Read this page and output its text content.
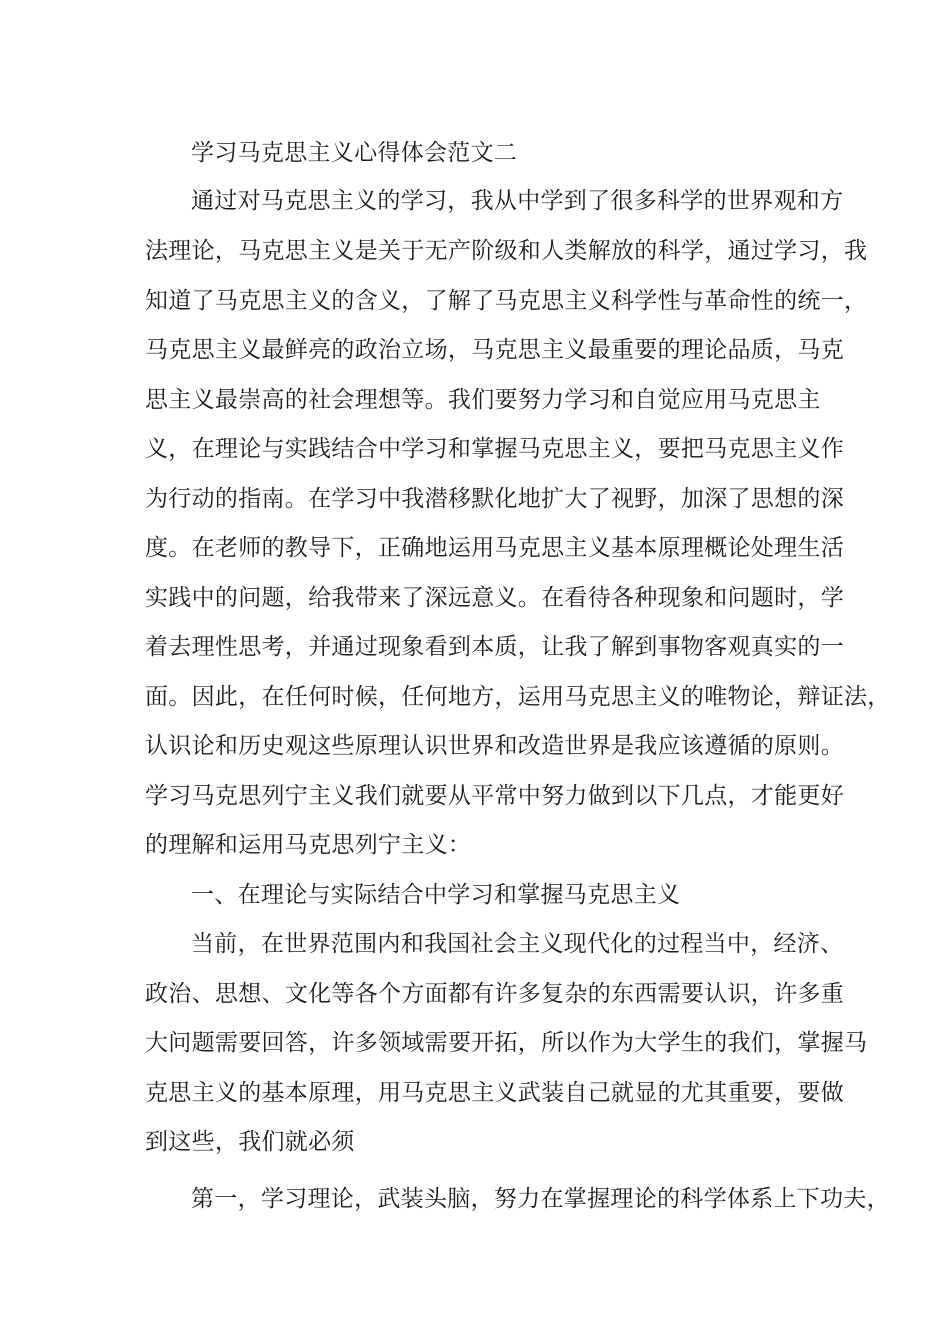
学习马克思主义心得体会范文二
通过对马克思主义的学习，我从中学到了很多科学的世界观和方
法理论，马克思主义是关于无产阶级和人类解放的科学，通过学习，我
知道了马克思主义的含义，了解了马克思主义科学性与革命性的统一，
马克思主义最鲜亮的政治立场，马克思主义最重要的理论品质，马克
思主义最崇高的社会理想等。我们要努力学习和自觉应用马克思主
义，在理论与实践结合中学习和掌握马克思主义，要把马克思主义作
为行动的指南。在学习中我潜移默化地扩大了视野，加深了思想的深
度。在老师的教导下，正确地运用马克思主义基本原理概论处理生活
实践中的问题，给我带来了深远意义。在看待各种现象和问题时，学
着去理性思考，并通过现象看到本质，让我了解到事物客观真实的一
面。因此，在任何时候，任何地方，运用马克思主义的唯物论，辩证法，
认识论和历史观这些原理认识世界和改造世界是我应该遵循的原则。
学习马克思列宁主义我们就要从平常中努力做到以下几点，才能更好
的理解和运用马克思列宁主义：
一、在理论与实际结合中学习和掌握马克思主义
当前，在世界范围内和我国社会主义现代化的过程当中，经济、
政治、思想、文化等各个方面都有许多复杂的东西需要认识，许多重
大问题需要回答，许多领域需要开拓，所以作为大学生的我们，掌握马
克思主义的基本原理，用马克思主义武装自己就显的尤其重要，要做
到这些，我们就必须
第一，学习理论，武装头脑，努力在掌握理论的科学体系上下功夫，
